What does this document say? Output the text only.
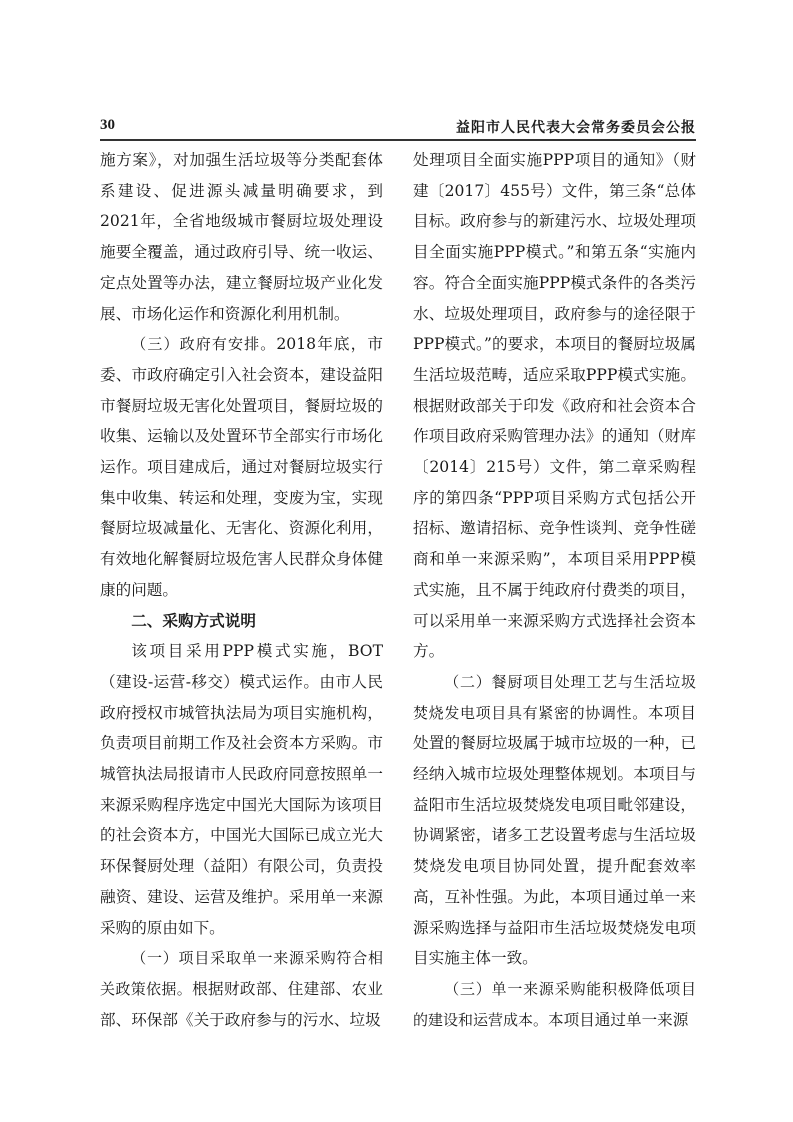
30	益阳市人民代表大会常务委员会公报

施方案》，对加强生活垃圾等分类配套体系建设、促进源头减量明确要求，到2021年，全省地级城市餐厨垃圾处理设施要全覆盖，通过政府引导、统一收运、定点处置等办法，建立餐厨垃圾产业化发展、市场化运作和资源化利用机制。

（三）政府有安排。2018年底，市委、市政府确定引入社会资本，建设益阳市餐厨垃圾无害化处置项目，餐厨垃圾的收集、运输以及处置环节全部实行市场化运作。项目建成后，通过对餐厨垃圾实行集中收集、转运和处理，变废为宝，实现餐厨垃圾减量化、无害化、资源化利用，有效地化解餐厨垃圾危害人民群众身体健康的问题。

二、采购方式说明

该项目采用PPP模式实施，BOT（建设-运营-移交）模式运作。由市人民政府授权市城管执法局为项目实施机构，负责项目前期工作及社会资本方采购。市城管执法局报请市人民政府同意按照单一来源采购程序选定中国光大国际为该项目的社会资本方，中国光大国际已成立光大环保餐厨处理（益阳）有限公司，负责投融资、建设、运营及维护。采用单一来源采购的原由如下。

（一）项目采取单一来源采购符合相关政策依据。根据财政部、住建部、农业部、环保部《关于政府参与的污水、垃圾

处理项目全面实施PPP项目的通知》（财建〔2017〕455号）文件，第三条“总体目标。政府参与的新建污水、垃圾处理项目全面实施PPP模式。”和第五条“实施内容。符合全面实施PPP模式条件的各类污水、垃圾处理项目，政府参与的途径限于PPP模式。”的要求，本项目的餐厨垃圾属生活垃圾范畴，适应采取PPP模式实施。根据财政部关于印发《政府和社会资本合作项目政府采购管理办法》的通知（财库〔2014〕215号）文件，第二章采购程序的第四条“PPP项目采购方式包括公开招标、邀请招标、竞争性谈判、竞争性磋商和单一来源采购”，本项目采用PPP模式实施，且不属于纯政府付费类的项目，可以采用单一来源采购方式选择社会资本方。

（二）餐厨项目处理工艺与生活垃圾焚烧发电项目具有紧密的协调性。本项目处置的餐厨垃圾属于城市垃圾的一种，已经纳入城市垃圾处理整体规划。本项目与益阳市生活垃圾焚烧发电项目毗邻建设，协调紧密，诸多工艺设置考虑与生活垃圾焚烧发电项目协同处置，提升配套效率高，互补性强。为此，本项目通过单一来源采购选择与益阳市生活垃圾焚烧发电项目实施主体一致。

（三）单一来源采购能积极降低项目的建设和运营成本。本项目通过单一来源
